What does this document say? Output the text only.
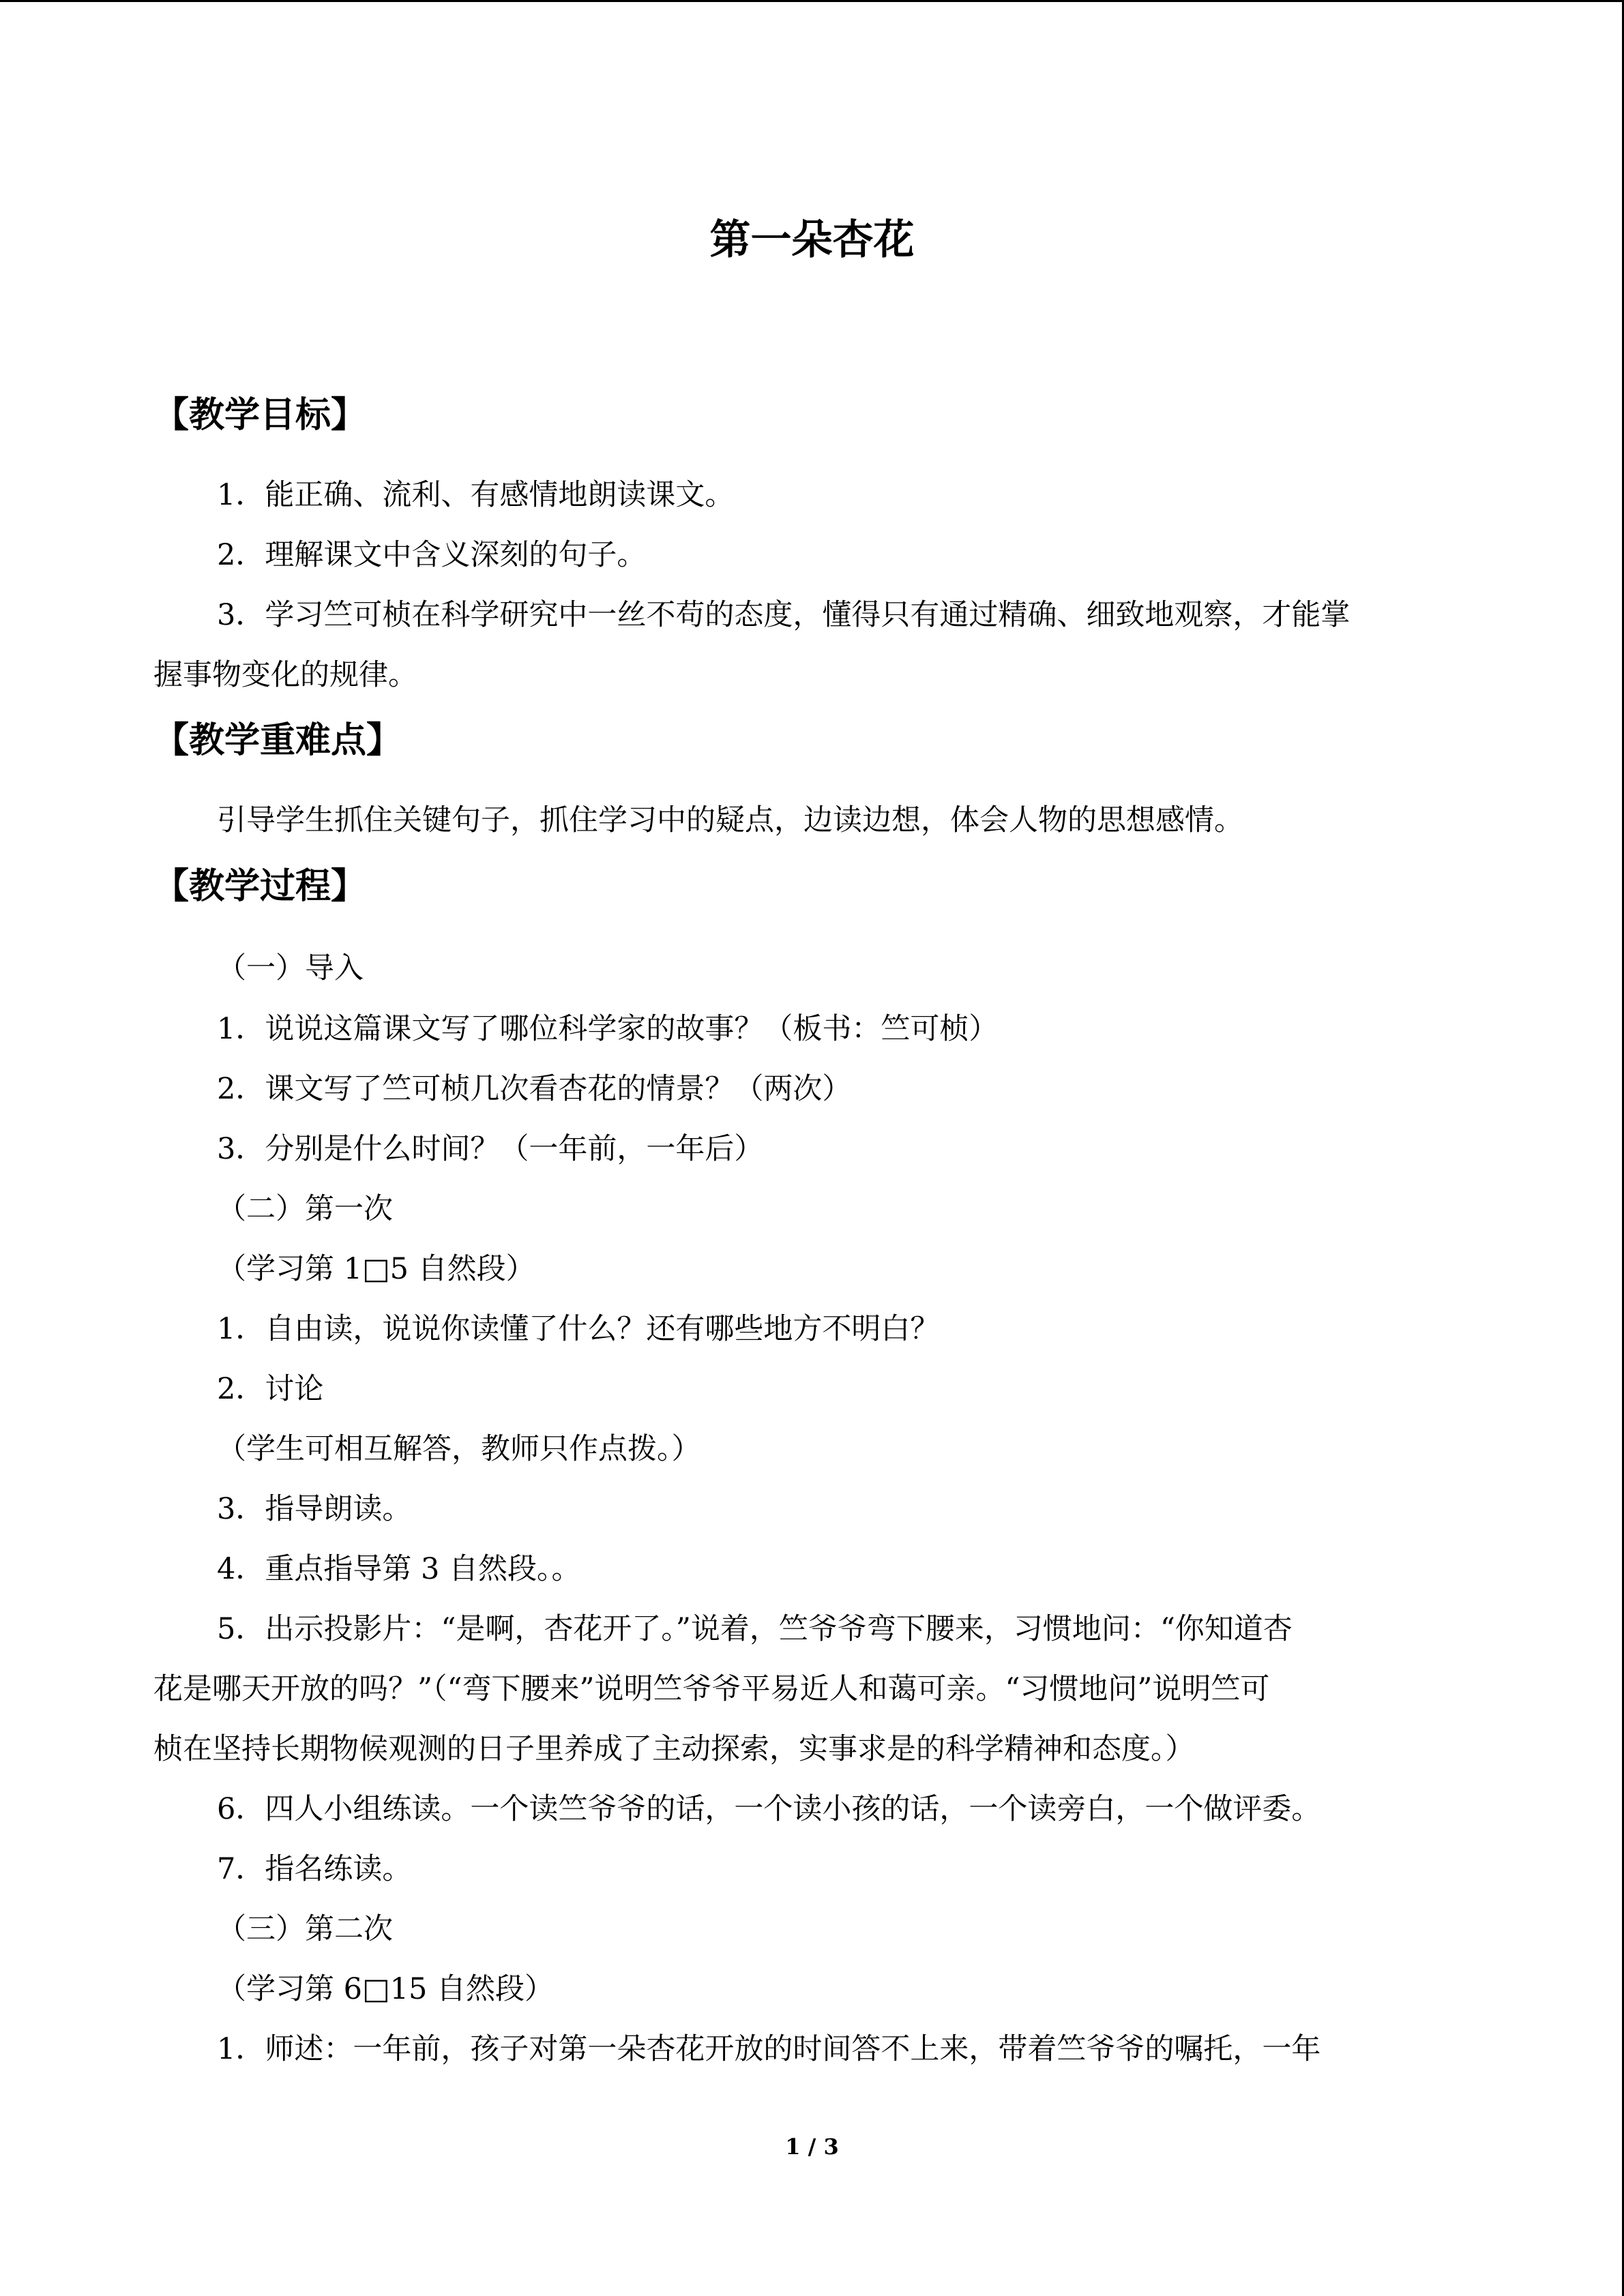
第一朵杏花
【教学目标】
1．能正确、流利、有感情地朗读课文。
2．理解课文中含义深刻的句子。
3．学习竺可桢在科学研究中一丝不苟的态度，懂得只有通过精确、细致地观察，才能掌
握事物变化的规律。
【教学重难点】
引导学生抓住关键句子，抓住学习中的疑点，边读边想，体会人物的思想感情。
【教学过程】
（一）导入
1．说说这篇课文写了哪位科学家的故事？（板书：竺可桢）
2．课文写了竺可桢几次看杏花的情景？（两次）
3．分别是什么时间？（一年前，一年后）
（二）第一次
（学习第 1□5 自然段）
1．自由读，说说你读懂了什么？还有哪些地方不明白？
2．讨论
（学生可相互解答，教师只作点拨。）
3．指导朗读。
4．重点指导第 3 自然段。。
5．出示投影片：“是啊，杏花开了。”说着，竺爷爷弯下腰来，习惯地问：“你知道杏
花是哪天开放的吗？”（“弯下腰来”说明竺爷爷平易近人和蔼可亲。“习惯地问”说明竺可
桢在坚持长期物候观测的日子里养成了主动探索，实事求是的科学精神和态度。）
6．四人小组练读。一个读竺爷爷的话，一个读小孩的话，一个读旁白，一个做评委。
7．指名练读。
（三）第二次
（学习第 6□15 自然段）
1．师述：一年前，孩子对第一朵杏花开放的时间答不上来，带着竺爷爷的嘱托，一年
1 / 3
